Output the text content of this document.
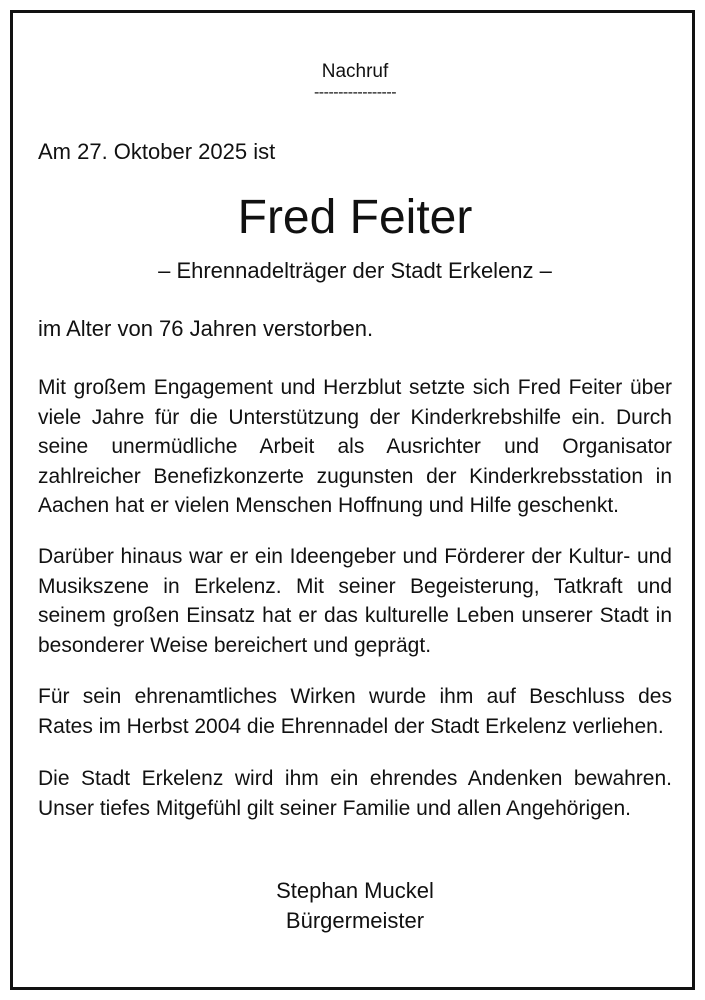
Nachruf
-----------------
Am 27. Oktober 2025 ist
Fred Feiter
– Ehrennadelträger der Stadt Erkelenz –
im Alter von 76 Jahren verstorben.
Mit großem Engagement und Herzblut setzte sich Fred Feiter über viele Jahre für die Unterstützung der Kinderkrebshilfe ein. Durch seine unermüdliche Arbeit als Ausrichter und Organisator zahlreicher Benefizkonzerte zugunsten der Kinderkrebsstation in Aachen hat er vielen Menschen Hoffnung und Hilfe geschenkt.
Darüber hinaus war er ein Ideengeber und Förderer der Kultur- und Musikszene in Erkelenz. Mit seiner Begeisterung, Tatkraft und seinem großen Einsatz hat er das kulturelle Leben unserer Stadt in besonderer Weise bereichert und geprägt.
Für sein ehrenamtliches Wirken wurde ihm auf Beschluss des Rates im Herbst 2004 die Ehrennadel der Stadt Erkelenz verliehen.
Die Stadt Erkelenz wird ihm ein ehrendes Andenken bewahren. Unser tiefes Mitgefühl gilt seiner Familie und allen Angehörigen.
Stephan Muckel
Bürgermeister
